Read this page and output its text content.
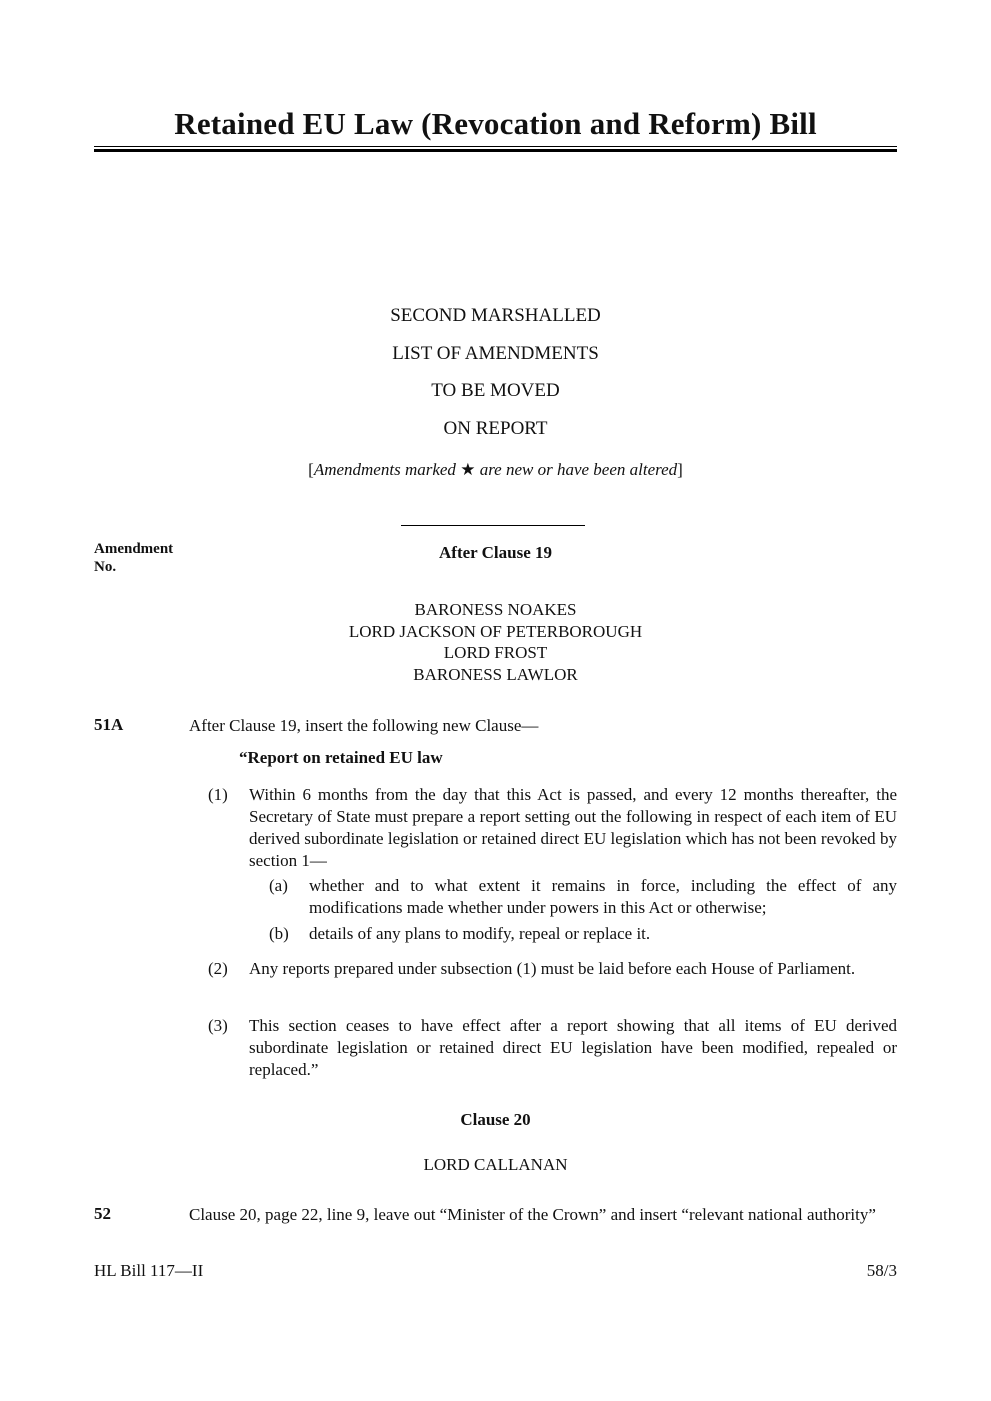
Retained EU Law (Revocation and Reform) Bill
SECOND MARSHALLED
LIST OF AMENDMENTS
TO BE MOVED
ON REPORT
[Amendments marked ★ are new or have been altered]
Amendment
No.
After Clause 19
BARONESS NOAKES
LORD JACKSON OF PETERBOROUGH
LORD FROST
BARONESS LAWLOR
51A	After Clause 19, insert the following new Clause—
“Report on retained EU law
(1) Within 6 months from the day that this Act is passed, and every 12 months thereafter, the Secretary of State must prepare a report setting out the following in respect of each item of EU derived subordinate legislation or retained direct EU legislation which has not been revoked by section 1—
(a) whether and to what extent it remains in force, including the effect of any modifications made whether under powers in this Act or otherwise;
(b) details of any plans to modify, repeal or replace it.
(2) Any reports prepared under subsection (1) must be laid before each House of Parliament.
(3) This section ceases to have effect after a report showing that all items of EU derived subordinate legislation or retained direct EU legislation have been modified, repealed or replaced.”
Clause 20
LORD CALLANAN
52	Clause 20, page 22, line 9, leave out “Minister of the Crown” and insert “relevant national authority”
HL Bill 117—II	58/3
